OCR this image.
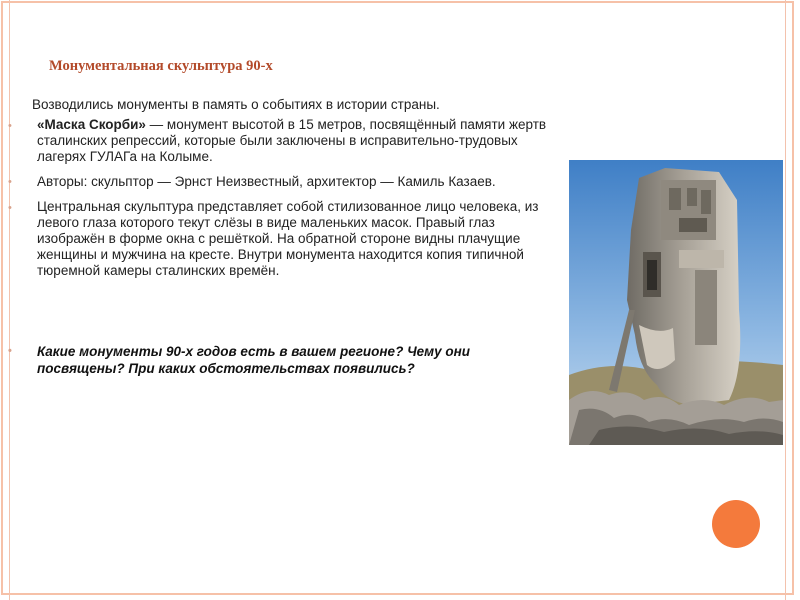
Монументальная скульптура 90-х
Возводились монументы в память о событиях в истории страны.
• «Маска Скорби» — монумент высотой в 15 метров, посвящённый памяти жертв сталинских репрессий, которые были заключены в исправительно-трудовых лагерях ГУЛАГа на Колыме.
• Авторы: скульптор — Эрнст Неизвестный, архитектор — Камиль Казаев.
• Центральная скульптура представляет собой стилизованное лицо человека, из левого глаза которого текут слёзы в виде маленьких масок. Правый глаз изображён в форме окна с решёткой. На обратной стороне видны плачущие женщины и мужчина на кресте. Внутри монумента находится копия типичной тюремной камеры сталинских времён.
• Какие монументы 90-х годов есть в вашем регионе? Чему они посвящены? При каких обстоятельствах появились?
